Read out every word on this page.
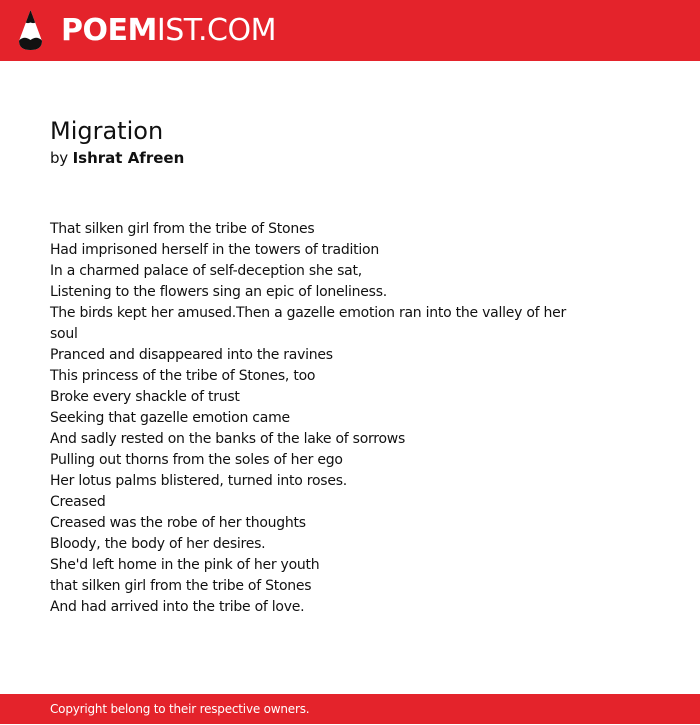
POEMIST.COM
Migration
by Ishrat Afreen
That silken girl from the tribe of Stones
Had imprisoned herself in the towers of tradition
In a charmed palace of self-deception she sat,
Listening to the flowers sing an epic of loneliness.
The birds kept her amused.Then a gazelle emotion ran into the valley of her
soul
Pranced and disappeared into the ravines
This princess of the tribe of Stones, too
Broke every shackle of trust
Seeking that gazelle emotion came
And sadly rested on the banks of the lake of sorrows
Pulling out thorns from the soles of her ego
Her lotus palms blistered, turned into roses.
Creased
Creased was the robe of her thoughts
Bloody, the body of her desires.
She'd left home in the pink of her youth
that silken girl from the tribe of Stones
And had arrived into the tribe of love.
Copyright belong to their respective owners.
